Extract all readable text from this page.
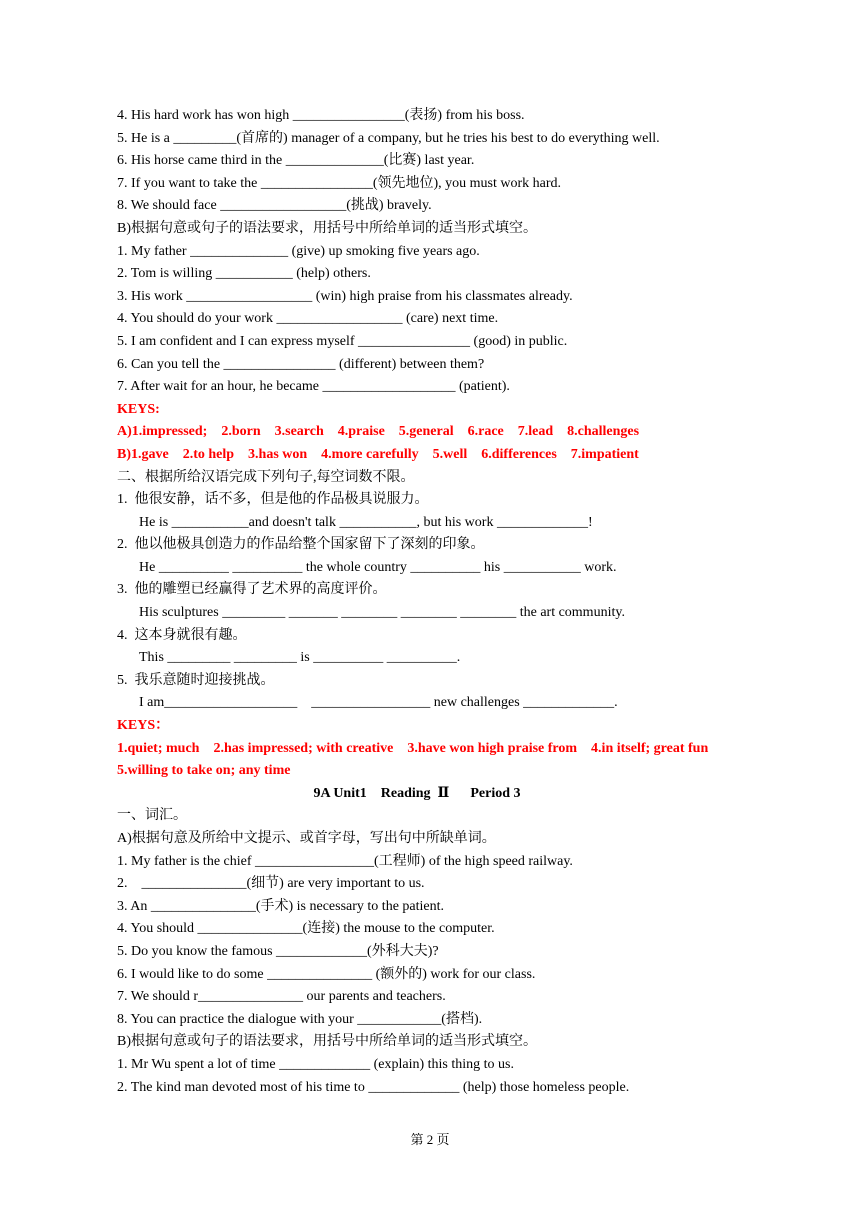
4. His hard work has won high ________________(表扬) from his boss.
5. He is a _________(首席的) manager of a company, but he tries his best to do everything well.
6. His horse came third in the ______________(比赛) last year.
7. If you want to take the ________________(领先地位), you must work hard.
8. We should face __________________(挑战) bravely.
B)根据句意或句子的语法要求，用括号中所给单词的适当形式填空。
1. My father ______________ (give) up smoking five years ago.
2. Tom is willing ___________ (help) others.
3. His work __________________ (win) high praise from his classmates already.
4. You should do your work __________________ (care) next time.
5. I am confident and I can express myself ________________ (good) in public.
6. Can you tell the ________________ (different) between them?
7. After wait for an hour, he became ___________________ (patient).
KEYS:
A)1.impressed;    2.born    3.search    4.praise    5.general    6.race    7.lead    8.challenges
B)1.gave    2.to help    3.has won    4.more carefully    5.well    6.differences    7.impatient
二、根据所给汉语完成下列句子,每空词数不限。
1.  他很安静，话不多，但是他的作品极具说服力。
He is ___________and doesn't talk ___________, but his work _____________!
2.  他以他极具创造力的作品给整个国家留下了深刻的印象。
He __________ __________ the whole country __________ his ___________ work.
3.  他的雕塑已经赢得了艺术界的高度评价。
His sculptures _________ _______ ________ ________ ________ the art community.
4.  这本身就很有趣。
This _________ _________ is __________ __________.
5.  我乐意随时迎接挑战。
I am___________________    _________________ new challenges _____________.
KEYS：
1.quiet; much    2.has impressed; with creative    3.have won high praise from    4.in itself; great fun
5.willing to take on; any time
9A Unit1    Reading  Ⅱ      Period 3
一、词汇。
A)根据句意及所给中文提示、或首字母，写出句中所缺单词。
1. My father is the chief _________________(工程师) of the high speed railway.
2.    _______________(细节) are very important to us.
3. An _______________(手术) is necessary to the patient.
4. You should _______________(连接) the mouse to the computer.
5. Do you know the famous _____________(外科大夫)?
6. I would like to do some _______________ (额外的) work for our class.
7. We should r_______________ our parents and teachers.
8. You can practice the dialogue with your ____________(搭档).
B)根据句意或句子的语法要求，用括号中所给单词的适当形式填空。
1. Mr Wu spent a lot of time _____________ (explain) this thing to us.
2. The kind man devoted most of his time to _____________ (help) those homeless people.
第 2 页
